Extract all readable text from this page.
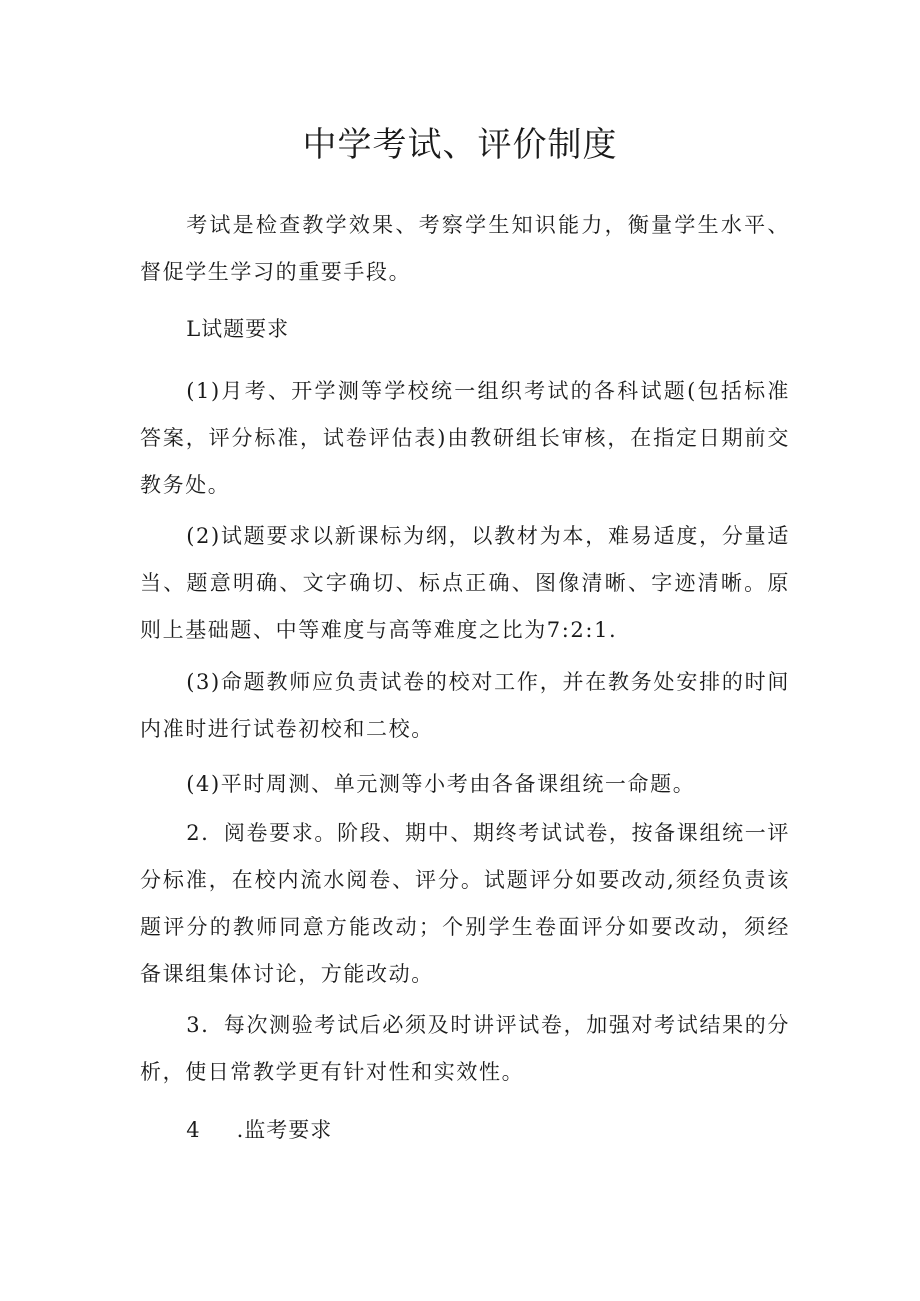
中学考试、评价制度

考试是检查教学效果、考察学生知识能力，衡量学生水平、督促学生学习的重要手段。

L试题要求

(1)月考、开学测等学校统一组织考试的各科试题(包括标准答案，评分标准，试卷评估表)由教研组长审核，在指定日期前交教务处。

(2)试题要求以新课标为纲，以教材为本，难易适度，分量适当、题意明确、文字确切、标点正确、图像清晰、字迹清晰。原则上基础题、中等难度与高等难度之比为7:2:1.

(3)命题教师应负责试卷的校对工作，并在教务处安排的时间内准时进行试卷初校和二校。

(4)平时周测、单元测等小考由各备课组统一命题。

2．阅卷要求。阶段、期中、期终考试试卷，按备课组统一评分标准，在校内流水阅卷、评分。试题评分如要改动,须经负责该题评分的教师同意方能改动；个别学生卷面评分如要改动，须经备课组集体讨论，方能改动。

3．每次测验考试后必须及时讲评试卷，加强对考试结果的分析，使日常教学更有针对性和实效性。

4 .监考要求
